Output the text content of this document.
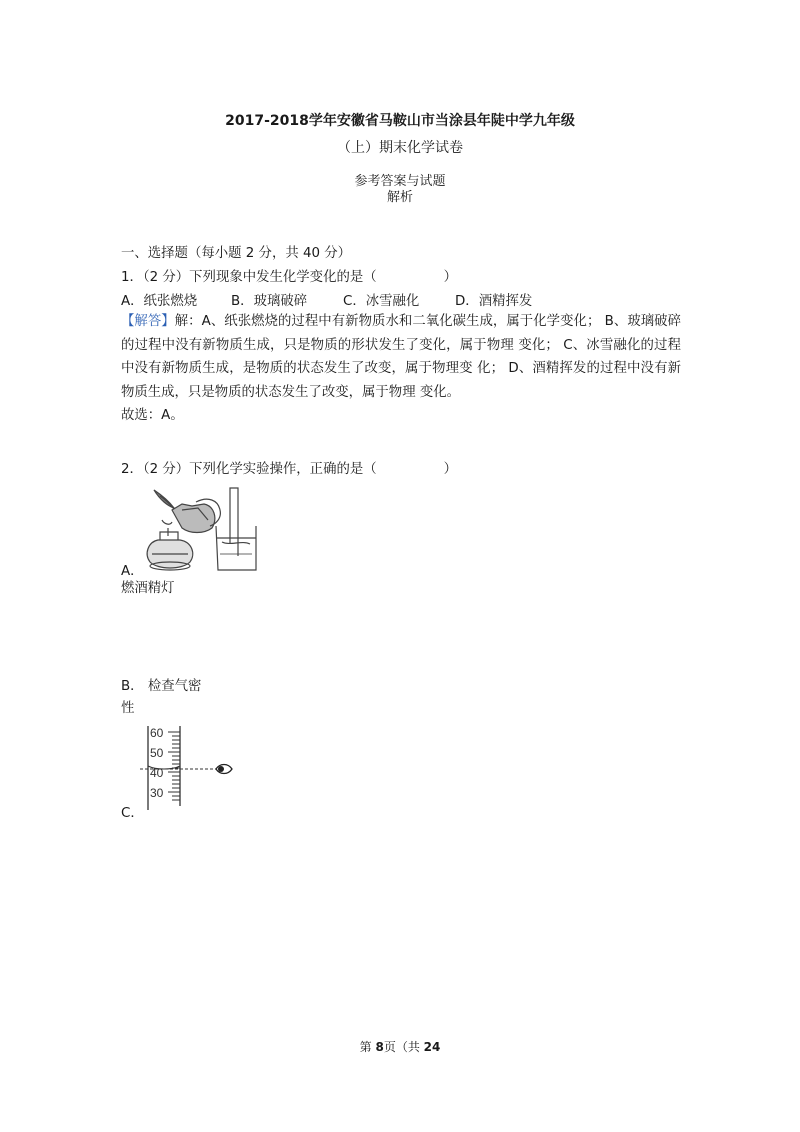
2017-2018学年安徽省马鞍山市当涂县年陡中学九年级
（上）期末化学试卷
参考答案与试题
解析
一、选择题（每小题 2 分，共 40 分）
1．（2 分）下列现象中发生化学变化的是（　　　　　）
A．纸张燃烧	B．玻璃破碎	C．冰雪融化	D．酒精挥发
【解答】解：A、纸张燃烧的过程中有新物质水和二氧化碳生成，属于化学变化； B、玻璃破碎的过程中没有新物质生成，只是物质的形状发生了变化，属于物理 变化； C、冰雪融化的过程中没有新物质生成，是物质的状态发生了改变，属于物理变 化； D、酒精挥发的过程中没有新物质生成，只是物质的状态发生了改变，属于物理 变化。
故选：A。
2．（2 分）下列化学实验操作，正确的是（　　　　　）
A．
燃酒精灯
B． 检查气密
性
60
50
40
30
C．
第 8页（共 24
